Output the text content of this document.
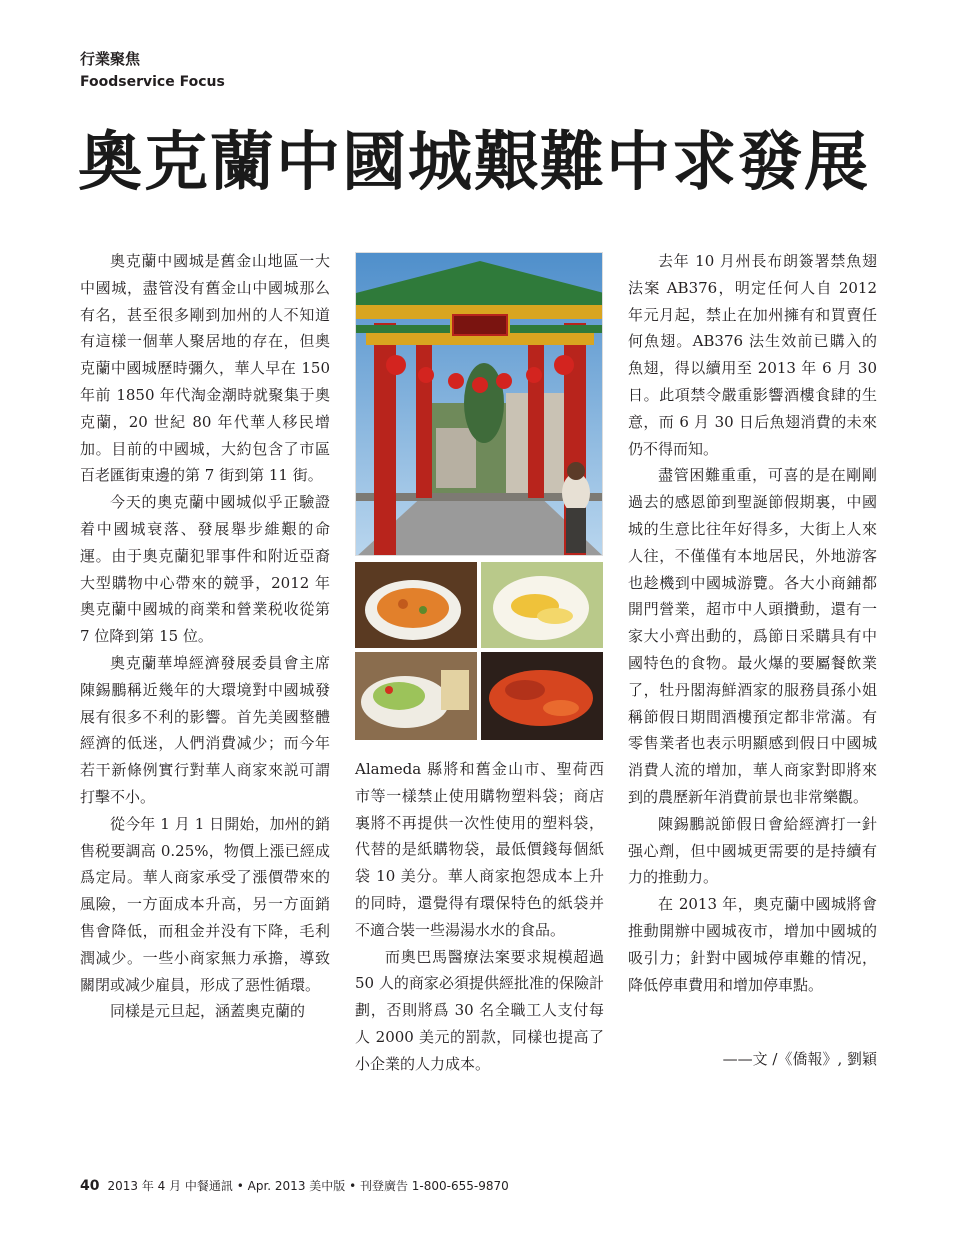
行業聚焦
Foodservice Focus
奧克蘭中國城艱難中求發展

奧克蘭中國城是舊金山地區一大中國城，盡管没有舊金山中國城那么有名，甚至很多剛到加州的人不知道有這樣一個華人聚居地的存在，但奧克蘭中國城歷時彌久，華人早在 150 年前 1850 年代淘金潮時就聚集于奧克蘭，20 世紀 80 年代華人移民增加。目前的中國城，大約包含了市區百老匯街東邊的第 7 街到第 11 街。

今天的奧克蘭中國城似乎正驗證着中國城衰落、發展舉步維艱的命運。由于奧克蘭犯罪事件和附近亞裔大型購物中心帶來的競爭，2012 年奧克蘭中國城的商業和營業税收從第 7 位降到第 15 位。

奧克蘭華埠經濟發展委員會主席陳錫鵬稱近幾年的大環境對中國城發展有很多不利的影響。首先美國整體經濟的低迷，人們消費减少；而今年若干新條例實行對華人商家來説可謂打擊不小。

從今年 1 月 1 日開始，加州的銷售税要調高 0.25%，物價上漲已經成爲定局。華人商家承受了漲價帶來的風險，一方面成本升高，另一方面銷售會降低，而租金并没有下降，毛利潤减少。一些小商家無力承擔，導致關閉或减少雇員，形成了惡性循環。

同樣是元旦起，涵蓋奧克蘭的

Alameda 縣將和舊金山市、聖荷西市等一樣禁止使用購物塑料袋；商店裏將不再提供一次性使用的塑料袋，代替的是紙購物袋，最低價錢每個紙袋 10 美分。華人商家抱怨成本上升的同時，還覺得有環保特色的紙袋并不適合裝一些湯湯水水的食品。

而奧巴馬醫療法案要求規模超過 50 人的商家必須提供經批准的保險計劃，否則將爲 30 名全職工人支付每人 2000 美元的罰款，同樣也提高了小企業的人力成本。

去年 10 月州長布朗簽署禁魚翅法案 AB376，明定任何人自 2012 年元月起，禁止在加州擁有和買賣任何魚翅。AB376 法生效前已購入的魚翅，得以續用至 2013 年 6 月 30 日。此項禁令嚴重影響酒樓食肆的生意，而 6 月 30 日后魚翅消費的未來仍不得而知。

盡管困難重重，可喜的是在剛剛過去的感恩節到聖誕節假期裏，中國城的生意比往年好得多，大街上人來人往，不僅僅有本地居民，外地游客也趁機到中國城游覽。各大小商鋪都開門營業，超市中人頭攢動，還有一家大小齊出動的，爲節日采購具有中國特色的食物。最火爆的要屬餐飲業了，牡丹閣海鮮酒家的服務員孫小姐稱節假日期間酒樓預定都非常滿。有零售業者也表示明顯感到假日中國城消費人流的增加，華人商家對即將來到的農歷新年消費前景也非常樂觀。

陳錫鵬説節假日會給經濟打一針强心劑，但中國城更需要的是持續有力的推動力。

在 2013 年，奧克蘭中國城將會推動開辦中國城夜市，增加中國城的吸引力；針對中國城停車難的情况，降低停車費用和增加停車點。

——文 /《僑報》, 劉穎
40 2013 年 4 月 中餐通訊 • Apr. 2013 美中版 • 刊登廣告 1-800-655-9870
